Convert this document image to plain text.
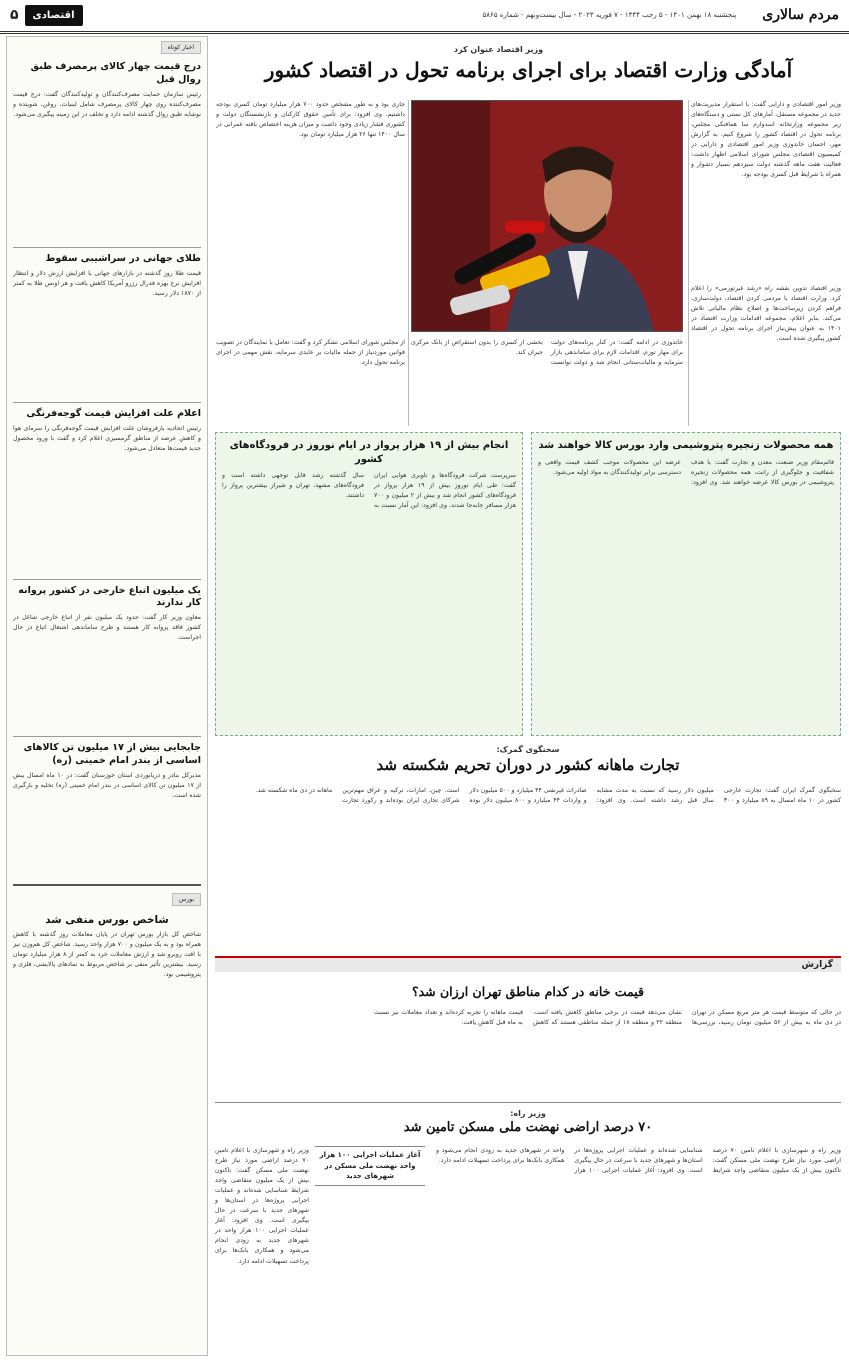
مردم سالاری
پنجشنبه ۱۸ بهمن ۱۴۰۱ - ۵ رجب ۱۴۴۴ - ۷ فوریه ۲۰۲۳ - سال بیست‌ونهم - شماره ۵۸۶۵
اقتصادی
۵
اخبار کوتاه
درج قیمت چهار کالای پرمصرف طبق روال قبل

رئیس سازمان حمایت مصرف‌کنندگان و تولیدکنندگان گفت: درج قیمت مصرف‌کننده روی چهار کالای پرمصرف شامل لبنیات، روغن، شوینده و نوشابه طبق روال گذشته ادامه دارد و تخلف در این زمینه پیگیری می‌شود.

طلای جهانی در سراشیبی سقوط

قیمت طلا روز گذشته در بازارهای جهانی با افزایش ارزش دلار و انتظار افزایش نرخ بهره فدرال رزرو آمریکا کاهش یافت و هر اونس طلا به کمتر از ۱۸۷۰ دلار رسید.

اعلام علت افزایش قیمت گوجه‌فرنگی

رئیس اتحادیه بارفروشان علت افزایش قیمت گوجه‌فرنگی را سرمای هوا و کاهش عرضه از مناطق گرمسیری اعلام کرد و گفت با ورود محصول جدید قیمت‌ها متعادل می‌شود.

یک میلیون اتباع خارجی در کشور پروانه کار ندارند

معاون وزیر کار گفت: حدود یک میلیون نفر از اتباع خارجی شاغل در کشور فاقد پروانه کار هستند و طرح ساماندهی اشتغال اتباع در حال اجراست.

جابجایی بیش از ۱۷ میلیون تن کالاهای اساسی از بندر امام خمینی (ره)

مدیرکل بنادر و دریانوردی استان خوزستان گفت: در ۱۰ ماه امسال بیش از ۱۷ میلیون تن کالای اساسی در بندر امام خمینی (ره) تخلیه و بارگیری شده است.

بورس
شاخص بورس منفی شد

شاخص کل بازار بورس تهران در پایان معاملات روز گذشته با کاهش همراه بود و به یک میلیون و ۷۰۰ هزار واحد رسید. شاخص کل هم‌وزن نیز با افت روبرو شد و ارزش معاملات خرد به کمتر از ۸ هزار میلیارد تومان رسید. بیشترین تأثیر منفی بر شاخص مربوط به نمادهای پالایشی، فلزی و پتروشیمی بود.

وزیر اقتصاد عنوان کرد
آمادگی وزارت اقتصاد برای اجرای برنامه تحول در اقتصاد کشور
وزیر امور اقتصادی و دارایی گفت: با استقرار مدیریت‌های جدید در مجموعه مستقل، آمارهای کل نستی و دستگاه‌های زیر مجموعه وزارتخانه اسدوارم سا همافنکی مجلس، برنامه تحول در اقتصاد کشور را شروع کنیم. به گزارش مهر، احسان خاندوزی وزیر امور اقتصادی و دارایی در کمیسیون اقتصادی مجلس شورای اسلامی اظهار داشت: فعالیت هفت ماهه گذشته دولت سیزدهم بسیار دشوار و همراه با شرایط قبل کسری بودجه بود.
وزیر اقتصاد تدوین نقشه راه «رشد غیرتورمی» را اعلام کرد. وزارت اقتصاد با مردمی کردن اقتصاد، دولت‌سازی، فراهم کردن زیرساخت‌ها و اصلاح نظام مالیاتی تلاش می‌کند. بنابر اعلام، مجموعه اقدامات وزارت اقتصاد در ۱۴۰۱ به عنوان پیش‌نیاز اجرای برنامه تحول در اقتصاد کشور پیگیری شده است.
جاری بود و به طور مشخص حدود ۷۰۰ هزار میلیارد تومان کسری بودجه داشتیم. وی افزود: برای تأمین حقوق کارکنان و بازنشستگان دولت و کشوری فشار زیادی وجود داشت و میزان هزینه اختصاص یافته عمرانی در سال ۱۴۰۰ تنها ۲۶ هزار میلیارد تومان بود.
خاندوزی در ادامه گفت: در کنار برنامه‌های دولت برای مهار تورم، اقدامات لازم برای ساماندهی بازار سرمایه و مالیات‌ستانی انجام شد و دولت توانست بخشی از کسری را بدون استقراض از بانک مرکزی جبران کند.
از مجلس شورای اسلامی تشکر کرد و گفت: تعامل با نمایندگان در تصویب قوانین موردنیاز از جمله مالیات بر عایدی سرمایه، نقش مهمی در اجرای برنامه تحول دارد.
همه محصولات زنجیره پتروشیمی وارد بورس کالا خواهند شد

قائم‌مقام وزیر صنعت، معدن و تجارت گفت: با هدف شفافیت و جلوگیری از رانت، همه محصولات زنجیره پتروشیمی در بورس کالا عرضه خواهند شد. وی افزود: عرضه این محصولات موجب کشف قیمت واقعی و دسترسی برابر تولیدکنندگان به مواد اولیه می‌شود.

انجام بیش از ۱۹ هزار پرواز در ایام نوروز در فرودگاه‌های کشور

سرپرست شرکت فرودگاه‌ها و ناوبری هوایی ایران گفت: طی ایام نوروز بیش از ۱۹ هزار پرواز در فرودگاه‌های کشور انجام شد و بیش از ۲ میلیون و ۷۰۰ هزار مسافر جابه‌جا شدند. وی افزود: این آمار نسبت به سال گذشته رشد قابل توجهی داشته است و فرودگاه‌های مشهد، تهران و شیراز بیشترین پرواز را داشتند.

سخنگوی گمرک:
تجارت ماهانه کشور در دوران تحریم شکسته شد
سخنگوی گمرک ایران گفت: تجارت خارجی کشور در ۱۰ ماه امسال به ۸۹ میلیارد و ۳۰۰ میلیون دلار رسید که نسبت به مدت مشابه سال قبل رشد داشته است. وی افزود: صادرات غیرنفتی ۴۴ میلیارد و ۵۰۰ میلیون دلار و واردات ۴۴ میلیارد و ۸۰۰ میلیون دلار بوده است. چین، امارات، ترکیه و عراق مهم‌ترین شرکای تجاری ایران بوده‌اند و رکورد تجارت ماهانه در دی ماه شکسته شد.
گزارش
قیمت خانه در کدام مناطق تهران ارزان شد؟
در حالی که متوسط قیمت هر متر مربع مسکن در تهران در دی ماه به بیش از ۵۶ میلیون تومان رسید، بررسی‌ها نشان می‌دهد قیمت در برخی مناطق کاهش یافته است. منطقه ۲۲ و منطقه ۱۸ از جمله مناطقی هستند که کاهش قیمت ماهانه را تجربه کرده‌اند و تعداد معاملات نیز نسبت به ماه قبل کاهش یافت.
وزیر راه:
۷۰ درصد اراضی نهضت ملی مسکن تامین شد
وزیر راه و شهرسازی با اعلام تامین ۷۰ درصد اراضی مورد نیاز طرح نهضت ملی مسکن گفت: تاکنون بیش از یک میلیون متقاضی واجد شرایط شناسایی شده‌اند و عملیات اجرایی پروژه‌ها در استان‌ها و شهرهای جدید با سرعت در حال پیگیری است. وی افزود: آغاز عملیات اجرایی ۱۰۰ هزار واحد در شهرهای جدید به زودی انجام می‌شود و همکاری بانک‌ها برای پرداخت تسهیلات ادامه دارد.
آغاز عملیات اجرایی ۱۰۰ هزار واحد نهضت ملی مسکن در شهرهای جدید
وزیر راه و شهرسازی با اعلام تامین ۷۰ درصد اراضی مورد نیاز طرح نهضت ملی مسکن گفت: تاکنون بیش از یک میلیون متقاضی واجد شرایط شناسایی شده‌اند و عملیات اجرایی پروژه‌ها در استان‌ها و شهرهای جدید با سرعت در حال پیگیری است. وی افزود: آغاز عملیات اجرایی ۱۰۰ هزار واحد در شهرهای جدید به زودی انجام می‌شود و همکاری بانک‌ها برای پرداخت تسهیلات ادامه دارد.
